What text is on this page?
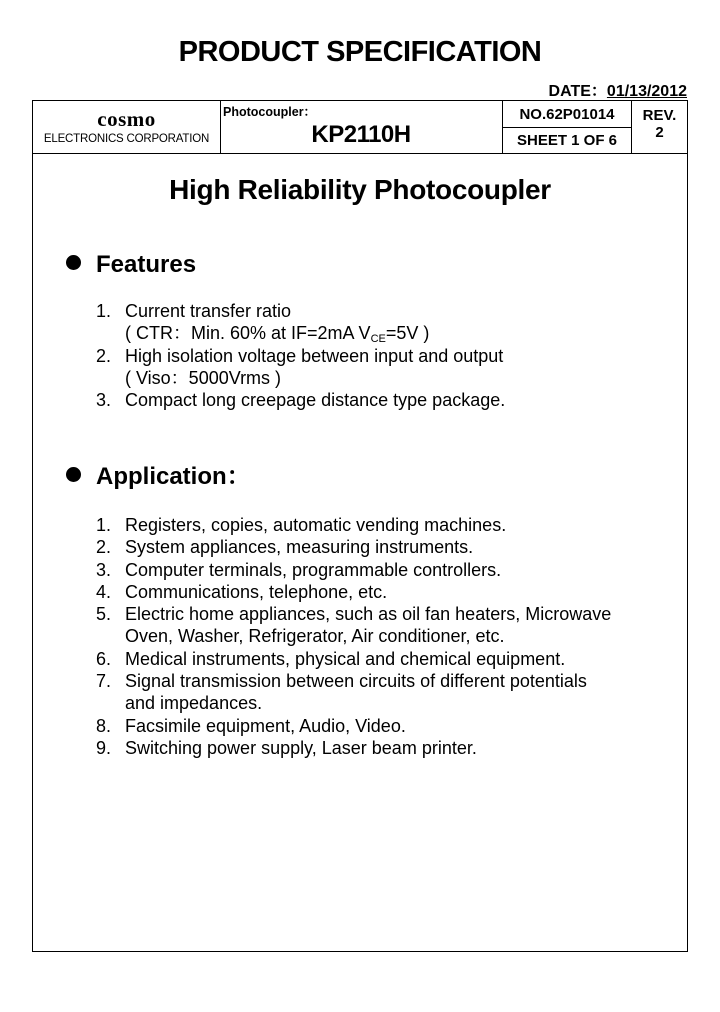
PRODUCT SPECIFICATION
DATE：01/13/2012
cosmo
ELECTRONICS CORPORATION
Photocoupler：
KP2110H
NO.62P01014
SHEET 1 OF 6
REV.
2
High Reliability Photocoupler
Features
1. Current transfer ratio
( CTR：Min. 60% at IF=2mA $V_{CE}=5V$ )
2. High isolation voltage between input and output
( Viso：5000Vrms )
3. Compact long creepage distance type package.
Application：
1. Registers, copies, automatic vending machines.
2. System appliances, measuring instruments.
3. Computer terminals, programmable controllers.
4. Communications, telephone, etc.
5. Electric home appliances, such as oil fan heaters, Microwave
Oven, Washer, Refrigerator, Air conditioner, etc.
6. Medical instruments, physical and chemical equipment.
7. Signal transmission between circuits of different potentials
and impedances.
8. Facsimile equipment, Audio, Video.
9. Switching power supply, Laser beam printer.
